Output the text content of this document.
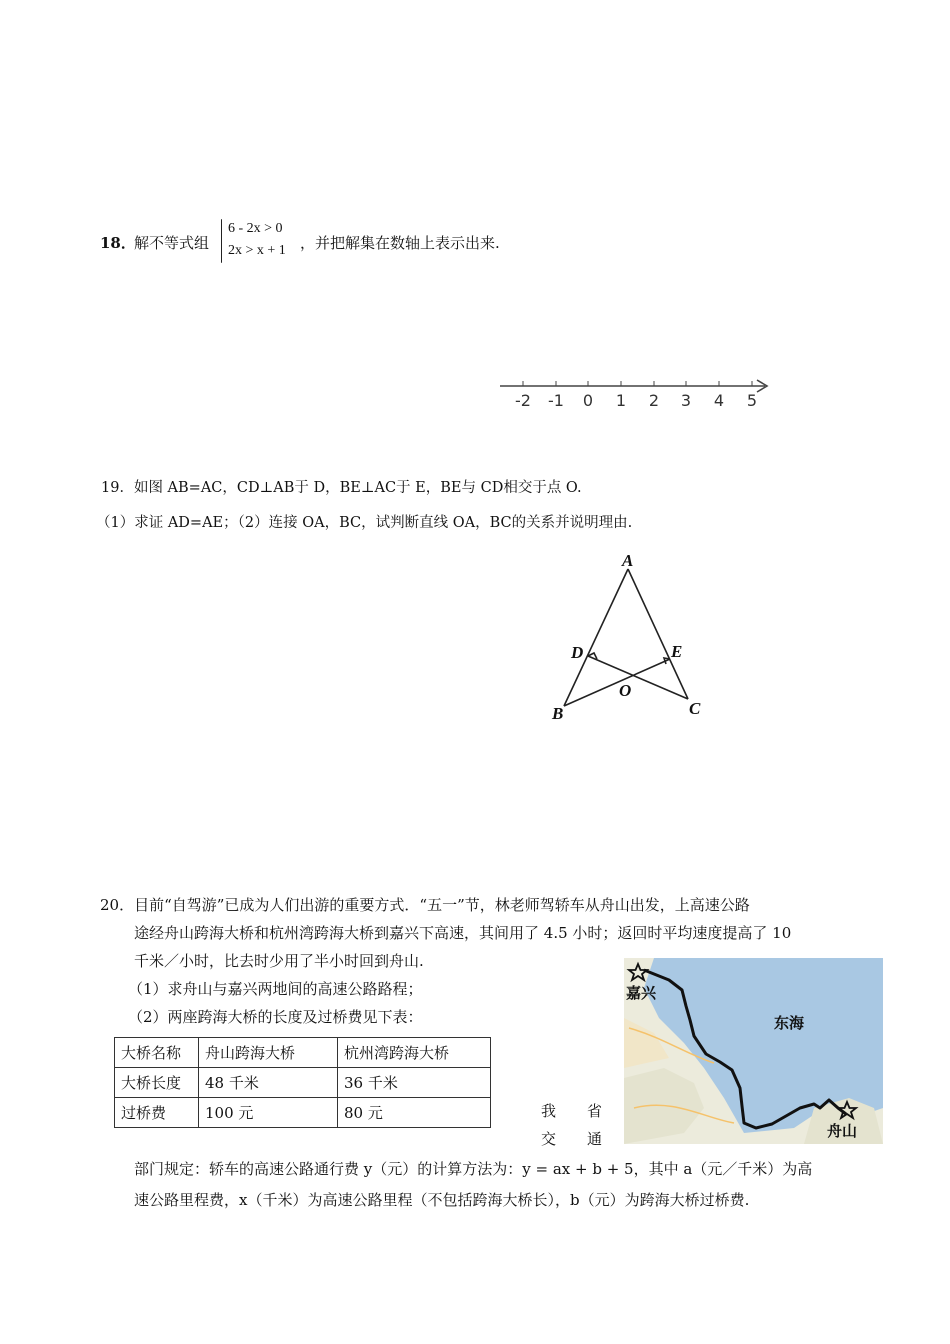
18．
解不等式组
6 - 2x > 0
2x > x + 1 ，并把解集在数轴上表示出来.
-2 -1 0 1 2 3 4 5
19．如图 AB=AC，CD⊥AB于 D，BE⊥AC于 E，BE与 CD相交于点 O.
（1）求证 AD=AE；（2）连接 OA，BC，试判断直线 OA，BC的关系并说明理由.
A
D	E
O
B	C
20．目前“自驾游”已成为人们出游的重要方式．“五一”节，林老师驾轿车从舟山出发，上高速公路
途经舟山跨海大桥和杭州湾跨海大桥到嘉兴下高速，其间用了 4.5 小时；返回时平均速度提高了 10
千米／小时，比去时少用了半小时回到舟山.
（1）求舟山与嘉兴两地间的高速公路路程；
（2）两座跨海大桥的长度及过桥费见下表：
大桥名称	舟山跨海大桥	杭州湾跨海大桥
大桥长度	48 千米	36 千米
过桥费	100 元	80 元	我 省
交 通
嘉兴
东海
舟山
部门规定：轿车的高速公路通行费 y（元）的计算方法为：y = ax + b + 5，其中 a（元／千米）为高
速公路里程费，x（千米）为高速公路里程（不包括跨海大桥长），b（元）为跨海大桥过桥费.
